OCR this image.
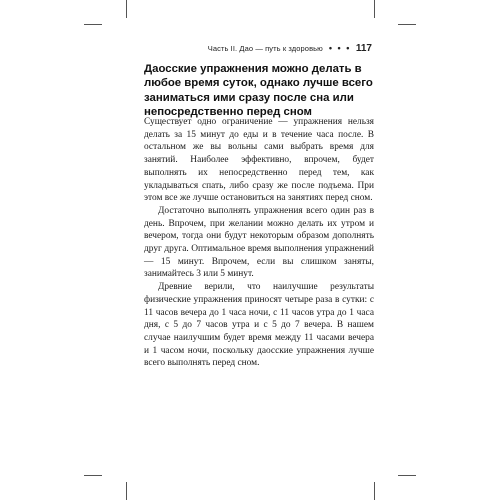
Часть II. Дао — путь к здоровью • • • 117
Даосские упражнения можно делать в любое время суток, однако лучше всего заниматься ими сразу после сна или непосредственно перед сном

Существует одно ограничение — упражнения нельзя делать за 15 минут до еды и в течение часа после. В остальном же вы вольны сами выбрать время для занятий. Наиболее эффективно, впрочем, будет выполнять их непосредственно перед тем, как укладываться спать, либо сразу же после подъема. При этом все же лучше остановиться на занятиях перед сном.

Достаточно выполнять упражнения всего один раз в день. Впрочем, при желании можно делать их утром и вечером, тогда они будут некоторым образом дополнять друг друга. Оптимальное время выполнения упражнений — 15 минут. Впрочем, если вы слишком заняты, занимайтесь 3 или 5 минут.

Древние верили, что наилучшие результаты физические упражнения приносят четыре раза в сутки: с 11 часов вечера до 1 часа ночи, с 11 часов утра до 1 часа дня, с 5 до 7 часов утра и с 5 до 7 вечера. В нашем случае наилучшим будет время между 11 часами вечера и 1 часом ночи, поскольку даосские упражнения лучше всего выполнять перед сном.
